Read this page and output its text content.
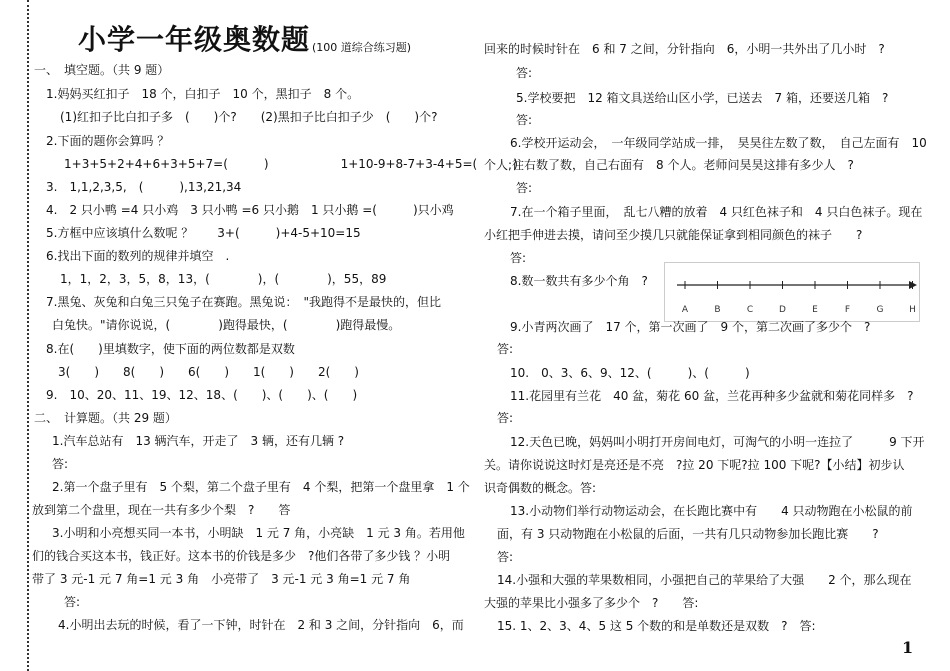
小学一年级奥数题 (100 道综合练习题)
一、　填空题。（共 9 题）
1.妈妈买红扣子　18 个，白扣子　10 个，黑扣子　8 个。
(1)红扣子比白扣子多　(　　)个?　　(2)黑扣子比白扣子少　(　　)个?
2.下面的题你会算吗 ？
1+3+5+2+4+6+3+5+7=(　　　)　　　　　　1+10-9+8-7+3-4+5=(　　　)
3.　1,1,2,3,5,　(　　　),13,21,34
4.　2 只小鸭 =4 只小鸡　3 只小鸭 =6 只小鹅　1 只小鹅 =(　　　)只小鸡
5.方框中应该填什么数呢 ？　　3+(　　　)+4-5+10=15
6.找出下面的数列的规律并填空　.
1，1，2，3，5，8，13，(　　　　)，(　　　　)，55，89
7.黑兔、灰兔和白兔三只兔子在赛跑。黑兔说：　"我跑得不是最快的，但比
白兔快。"请你说说，(　　　　)跑得最快，(　　　　)跑得最慢。
8.在(　　)里填数字，使下面的两位数都是双数
3(　　)　　8(　　)　　6(　　)　　1(　　)　　2(　　)
9.　10、20、11、19、12、18、(　　)、(　　)、(　　)
二、　计算题。（共 29 题）
1.汽车总站有　13 辆汽车，开走了　3 辆，还有几辆 ?
答:
2.第一个盘子里有　5 个梨，第二个盘子里有　4 个梨，把第一个盘里拿　1 个
放到第二个盘里，现在一共有多少个梨　?　　答
3.小明和小亮想买同一本书，小明缺　1 元 7 角，小亮缺　1 元 3 角。若用他
们的钱合买这本书，钱正好。这本书的价钱是多少　?他们各带了多少钱 ？小明
带了 3 元-1 元 7 角=1 元 3 角　小亮带了　3 元-1 元 3 角=1 元 7 角
答:
4.小明出去玩的时候，看了一下钟，时针在　2 和 3 之间，分针指向　6，而
回来的时候时针在　6 和 7 之间，分针指向　6，小明一共外出了几小时　?
答:
5.学校要把　12 箱文具送给山区小学，已送去　7 箱，还要送几箱　?
答:
6.学校开运动会，　一年级同学站成一排，　昊昊往左数了数，　自己左面有　10
个人;往右数了数，自己右面有　8 个人。老师问昊昊这排有多少人　?
答:
7.在一个箱子里面，　乱七八糟的放着　4 只红色袜子和　4 只白色袜子。现在
小红把手伸进去摸，请问至少摸几只就能保证拿到相同颜色的袜子　　?
答:
8.数一数共有多少个角　?
A	B	C	D	E	F	G	H
9.小青两次画了　17 个，第一次画了　9 个，第二次画了多少个　?
答:
10.　0、3、6、9、12、(　　　)、(　　　)
11.花园里有兰花　40 盆，菊花 60 盆，兰花再种多少盆就和菊花同样多　?
答:
12.天色已晚，妈妈叫小明打开房间电灯，可淘气的小明一连拉了　　　9 下开
关。请你说说这时灯是亮还是不亮　?拉 20 下呢?拉 100 下呢?【小结】初步认
识奇偶数的概念。答:
13.小动物们举行动物运动会，在长跑比赛中有　　4 只动物跑在小松鼠的前
面，有 3 只动物跑在小松鼠的后面，一共有几只动物参加长跑比赛　　?
答:
14.小强和大强的苹果数相同，小强把自己的苹果给了大强　　2 个，那么现在
大强的苹果比小强多了多少个　?　　答:
15. 1、2、3、4、5 这 5 个数的和是单数还是双数　?　答:
1
